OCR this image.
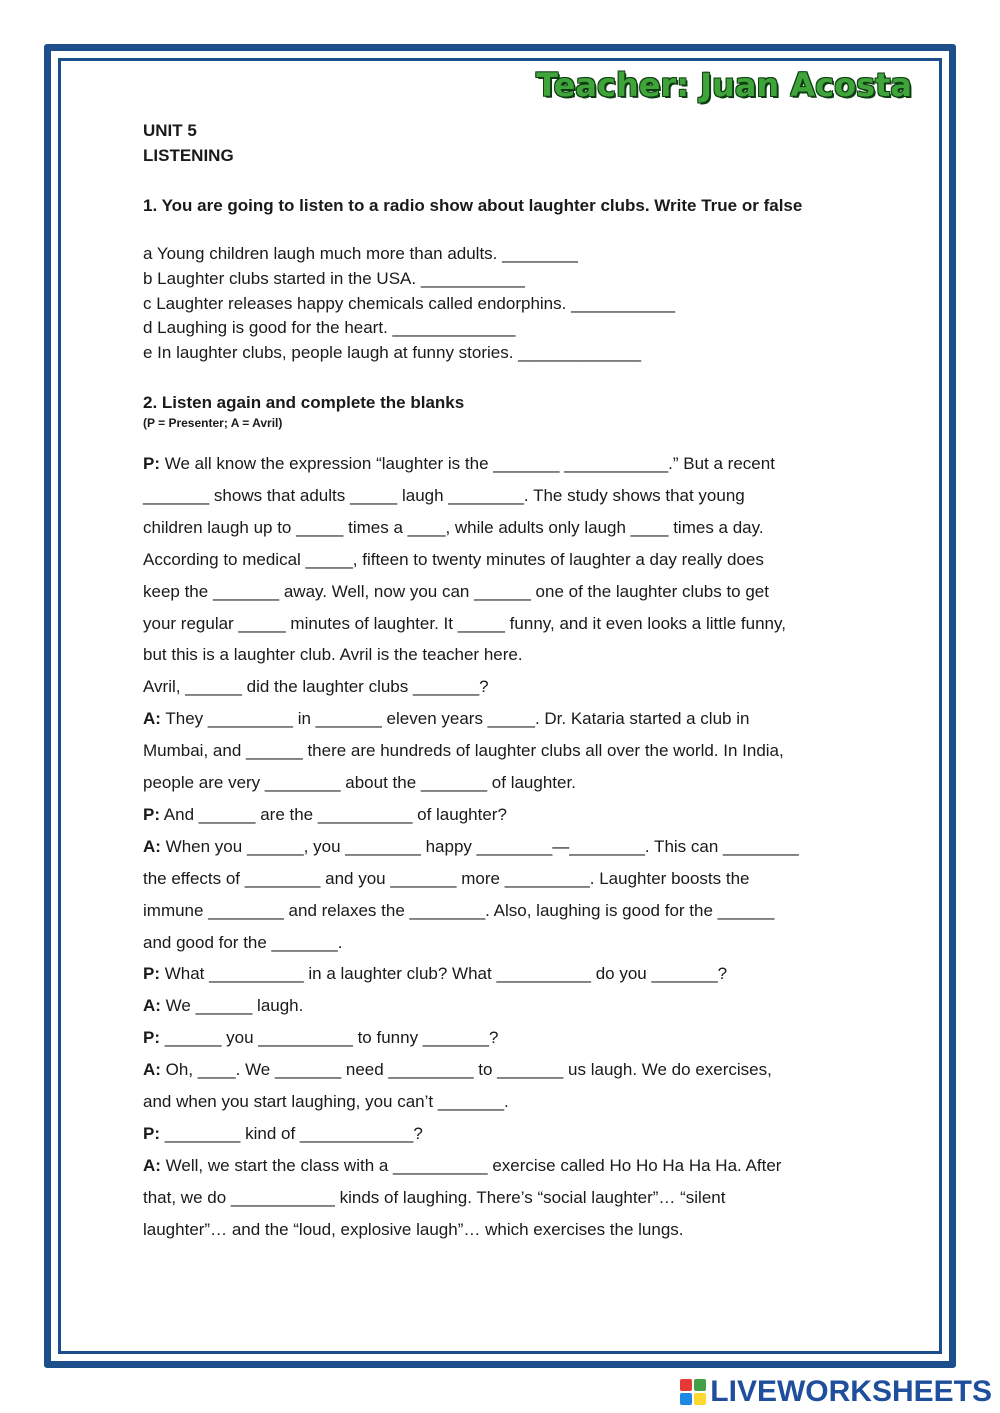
Teacher: Juan Acosta
UNIT 5
LISTENING
1. You are going to listen to a radio show about laughter clubs. Write True or false
a Young children laugh much more than adults. ________
b Laughter clubs started in the USA. ___________
c Laughter releases happy chemicals called endorphins. ___________
d Laughing is good for the heart. _____________
e In laughter clubs, people laugh at funny stories. _____________
2. Listen again and complete the blanks
(P = Presenter; A = Avril)
P: We all know the expression “laughter is the _______ ___________.” But a recent
_______ shows that adults _____ laugh ________. The study shows that young
children laugh up to _____ times a ____, while adults only laugh ____ times a day.
According to medical _____, fifteen to twenty minutes of laughter a day really does
keep the _______ away. Well, now you can ______ one of the laughter clubs to get
your regular _____ minutes of laughter. It _____ funny, and it even looks a little funny,
but this is a laughter club. Avril is the teacher here.
Avril, ______ did the laughter clubs _______?
A: They _________ in _______ eleven years _____. Dr. Kataria started a club in
Mumbai, and ______ there are hundreds of laughter clubs all over the world. In India,
people are very ________ about the _______ of laughter.
P: And ______ are the __________ of laughter?
A: When you ______, you ________ happy ________—________. This can ________
the effects of ________ and you _______ more _________. Laughter boosts the
immune ________ and relaxes the ________. Also, laughing is good for the ______
and good for the _______.
P: What __________ in a laughter club? What __________ do you _______?
A: We ______ laugh.
P: ______ you __________ to funny _______?
A: Oh, ____. We _______ need _________ to _______ us laugh. We do exercises,
and when you start laughing, you can’t _______.
P: ________ kind of ____________?
A: Well, we start the class with a __________ exercise called Ho Ho Ha Ha Ha. After
that, we do ___________ kinds of laughing. There’s “social laughter”… “silent
laughter”… and the “loud, explosive laugh”… which exercises the lungs.
LIVEWORKSHEETS
